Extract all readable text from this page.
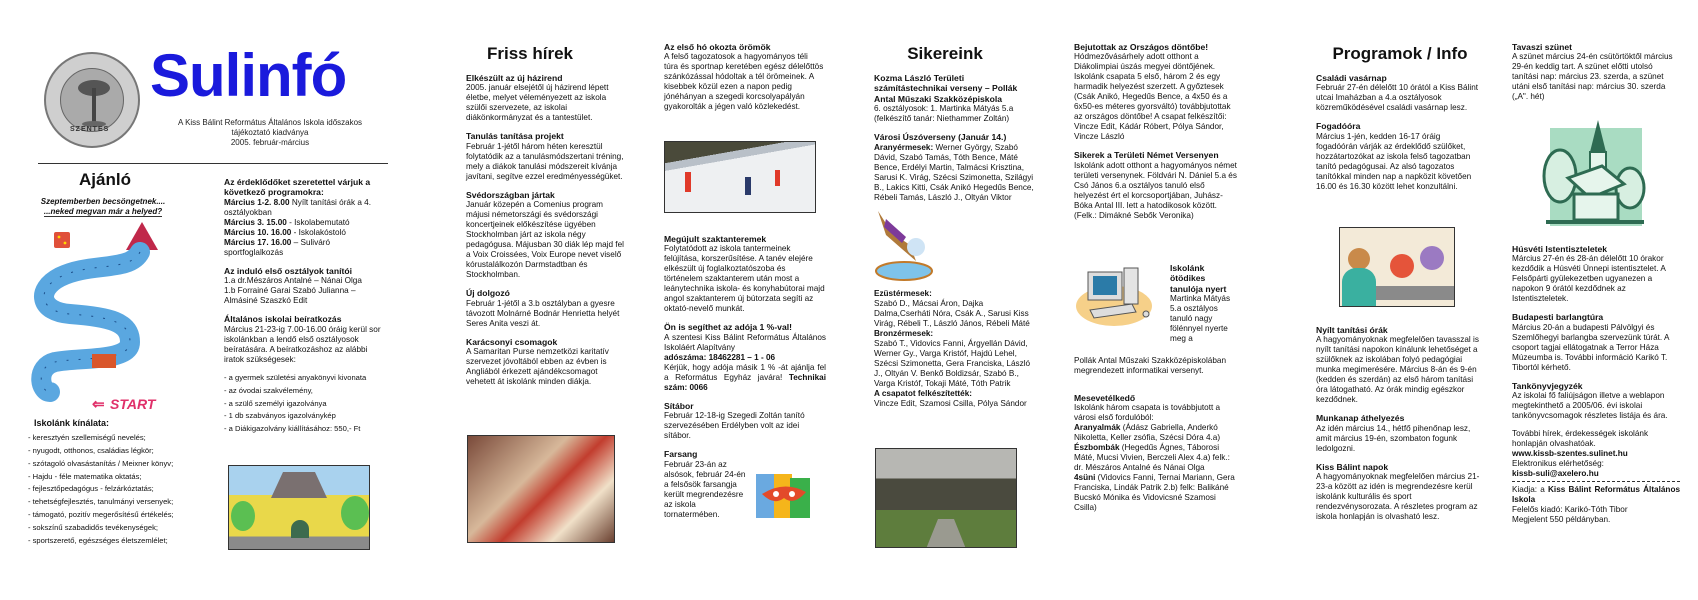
SZENTES
Sulinfó
A Kiss Bálint Református Általános Iskola időszakos
tájékoztató kiadványa
2005. február-március
Ajánló
Szeptemberben becsöngetnek....
...neked megvan már a helyed?
START
⇐
Iskolánk kínálata:
- keresztyén szellemiségű nevelés;
- nyugodt, otthonos, családias légkör;
- szótagoló olvasástanítás / Meixner könyv;
- Hajdu - féle matematika oktatás;
- fejlesztőpedagógus - felzárkóztatás;
- tehetségfejlesztés, tanulmányi versenyek;
- támogató, pozitív megerősítésű értékelés;
- sokszínű szabadidős tevékenységek;
- sportszerető, egészséges életszemlélet;
Az érdeklődőket szeretettel várjuk a következő programokra:
Március 1-2. 8.00 Nyílt tanítási órák a 4. osztályokban
Március 3. 15.00 - Iskolabemutató
Március 10. 16.00 - Iskolakóstoló
Március 17. 16.00 – Suliváró sportfoglalkozás
Az induló első osztályok tanítói
1.a dr.Mészáros Antalné – Nánai Olga
1.b Forrainé Garai Szabó Julianna – Almásiné Szaszkó Edit
Általános iskolai beíratkozás
Március 21-23-ig 7.00-16.00 óráig kerül sor iskolánkban a lendő első osztályosok beíratására. A beíratkozáshoz az alábbi iratok szükségesek:
- a gyermek születési anyakönyvi kivonata
- az óvodai szakvélemény,
- a szülő személyi igazolványa
- 1 db szabványos igazolványkép
- a Diákigazolvány kiállításához: 550,- Ft
Friss hírek
Elkészült az új házirend
2005. január elsejétől új házirend lépett életbe, melyet véleményezett az iskola szülői szervezete, az iskolai diákönkormányzat és a tantestület.
Tanulás tanítása projekt
Február 1-jétől három héten keresztül folytatódik az a tanulásmódszertani tréning, mely a diákok tanulási módszereit kívánja javítani, segítve ezzel eredményességüket.
Svédországban jártak
Január közepén a Comenius program májusi németországi és svédországi koncertjeinek előkészítése ügyében Stockholmban járt az iskola négy pedagógusa. Májusban 30 diák lép majd fel a Voix Croissées, Voix Europe nevet viselő kórustalálkozón Darmstadtban és Stockholmban.
Új dolgozó
Február 1-jétől a 3.b osztályban a gyesre távozott Molnárné Bodnár Henrietta helyét Seres Anita veszi át.
Karácsonyi csomagok
A Samaritan Purse nemzetközi karitatív szervezet jóvoltából ebben az évben is Angliából érkezett ajándékcsomagot vehetett át iskolánk minden diákja.
Az első hó okozta örömök
A felső tagozatosok a hagyományos téli túra és sportnap keretében egész délelőttös szánkózással hódoltak a tél örömeinek. A kisebbek közül ezen a napon pedig jónéhányan a szegedi korcsolyapályán gyakorolták a jégen való közlekedést.
Megújult szaktanteremek
Folytatódott az iskola tantermeinek felújítása, korszerűsítése. A tanév elejére elkészült új foglalkoztatószoba és történelem szaktanterem után most a leánytechnika iskola- és konyhabútorai majd angol szaktanterem új bútorzata segíti az oktató-nevelő munkát.
Ön is segíthet az adója 1 %-val!
A szentesi Kiss Bálint Református Általános Iskoláért Alapítvány
adószáma: 18462281 – 1 - 06
Kérjük, hogy adója másik 1 % -át ajánlja fel a Református Egyház javára! Technikai szám: 0066
Sítábor
Február 12-18-ig Szegedi Zoltán tanító szervezésében Erdélyben volt az idei sítábor.
Farsang
Február 23-án az alsósok, február 24-én a felsősök farsangja került megrendezésre az iskola tornatermében.
Sikereink
Kozma László Területi számítástechnikai verseny – Pollák Antal Műszaki Szakközépiskola
6. osztályosok: 1. Martinka Mátyás 5.a (felkészítő tanár: Niethammer Zoltán)
Városi Úszóverseny (Január 14.)
Aranyérmesek: Werner György, Szabó Dávid, Szabó Tamás, Tóth Bence, Máté Bence, Erdélyi Martin, Talmácsi Krisztina, Sarusi K. Virág, Szécsi Szimonetta, Szilágyi B., Lakics Kitti, Csák Anikó Hegedűs Bence, Rébeli Tamás, László J., Oltyán Viktor
Ezüstérmesek:
Szabó D., Mácsai Áron, Dajka Dalma,Cserháti Nóra, Csák A., Sarusi Kiss Virág, Rébeli T., László János, Rébeli Máté
Bronzérmesek:
Szabó T., Vidovics Fanni, Árgyellán Dávid, Werner Gy., Varga Kristóf, Hajdú Lehel, Szécsi Szimonetta, Gera Franciska, László J., Oltyán V. Benkő Boldizsár, Szabó B., Varga Kristóf, Tokaji Máté, Tóth Patrik
A csapatot felkészítették:
Vincze Edit, Szamosi Csilla, Pólya Sándor
Bejutottak az Országos döntőbe!
Hódmezővásárhely adott otthont a Diákolimpiai úszás megyei döntőjének. Iskolánk csapata 5 első, három 2 és egy harmadik helyezést szerzett. A győztesek (Csák Anikó, Hegedűs Bence, a 4x50 és a 6x50-es méteres gyorsváltó) továbbjutottak az országos döntőbe! A csapat felkészítői: Vincze Edit, Kádár Róbert, Pólya Sándor, Vincze László
Sikerek a Területi Német Versenyen
Iskolánk adott otthont a hagyományos német területi versenynek. Földvári N. Dániel 5.a és Csó János 6.a osztályos tanuló első helyezést ért el korcsoportjában, Juhász-Bóka Antal III. lett a hatodikosok között. (Felk.: Dimákné Sebők Veronika)
Iskolánk ötödikes tanulója nyert
Martinka Mátyás 5.a osztályos tanuló nagy fölénnyel nyerte meg a
Pollák Antal Műszaki Szakközépiskolában megrendezett informatikai versenyt.
Mesevetélkedő
Iskolánk három csapata is továbbjutott a városi első fordulóból:
Aranyalmák (Ádász Gabriella, Anderkó Nikoletta, Keller zsófia, Szécsi Dóra 4.a)
Észbombák (Hegedűs Ágnes, Táborosi Máté, Mucsi Vivien, Berczeli Alex 4.a) felk.: dr. Mészáros Antalné és Nánai Olga
4süni (Vidovics Fanni, Ternai Mariann, Gera Franciska, Lindák Patrik 2.b) felk: Balikáné Bucskó Mónika és Vidovicsné Szamosi Csilla)
Programok / Info
Családi vasárnap
Február 27-én délelőtt 10 órától a Kiss Bálint utcai Imaházban a 4.a osztályosok közreműködésével családi vasárnap lesz.
Fogadóóra
Március 1-jén, kedden 16-17 óráig fogadóórán várják az érdeklődő szülőket, hozzátartozókat az iskola felső tagozatban tanító pedagógusai. Az alsó tagozatos tanítókkal minden nap a napközit követően 16.00 és 16.30 között lehet konzultálni.
Nyílt tanítási órák
A hagyományoknak megfelelően tavasszal is nyílt tanítási napokon kínálunk lehetőséget a szülőknek az iskolában folyó pedagógiai munka megimerésére. Március 8-án és 9-én (kedden és szerdán) az első három tanítási óra látogatható. Az órák mindig egészkor kezdődnek.
Munkanap áthelyezés
Az idén március 14., hétfő pihenőnap lesz, amit március 19-én, szombaton fogunk ledolgozni.
Kiss Bálint napok
A hagyományoknak megfelelően március 21-23-a között az idén is megrendezésre kerül iskolánk kulturális és sport rendezvénysorozata. A részletes program az iskola honlapján is olvasható lesz.
Tavaszi szünet
A szünet március 24-én csütörtöktől március 29-én keddig tart. A szünet előtti utolsó tanítási nap: március 23. szerda, a szünet utáni első tanítási nap: március 30. szerda („A". hét)
Húsvéti Istentiszteletek
Március 27-én és 28-án délelőtt 10 órakor kezdődik a Húsvéti Ünnepi istentisztelet. A Felsőpárti gyülekezetben ugyanezen a napokon 9 órától kezdődnek az Istentiszteletek.
Budapesti barlangtúra
Március 20-án a budapesti Pálvölgyi és Szemlőhegyi barlangba szervezünk túrát. A csoport tagjai ellátogatnak a Terror Háza Múzeumba is. További információ Karikó T. Tibortól kérhető.
Tankönyvjegyzék
Az iskolai fő faliújságon illetve a weblapon megtekinthető a 2005/06. évi iskolai tankönyvcsomagok részletes listája és ára.
További hírek, érdekességek iskolánk honlapján olvashatóak.
www.kissb-szentes.sulinet.hu
Elektronikus elérhetőség:
kissb-suli@axelero.hu
Kiadja: a Kiss Bálint Református Általános Iskola
Felelős kiadó: Karikó-Tóth Tibor
Megjelent 550 példányban.
